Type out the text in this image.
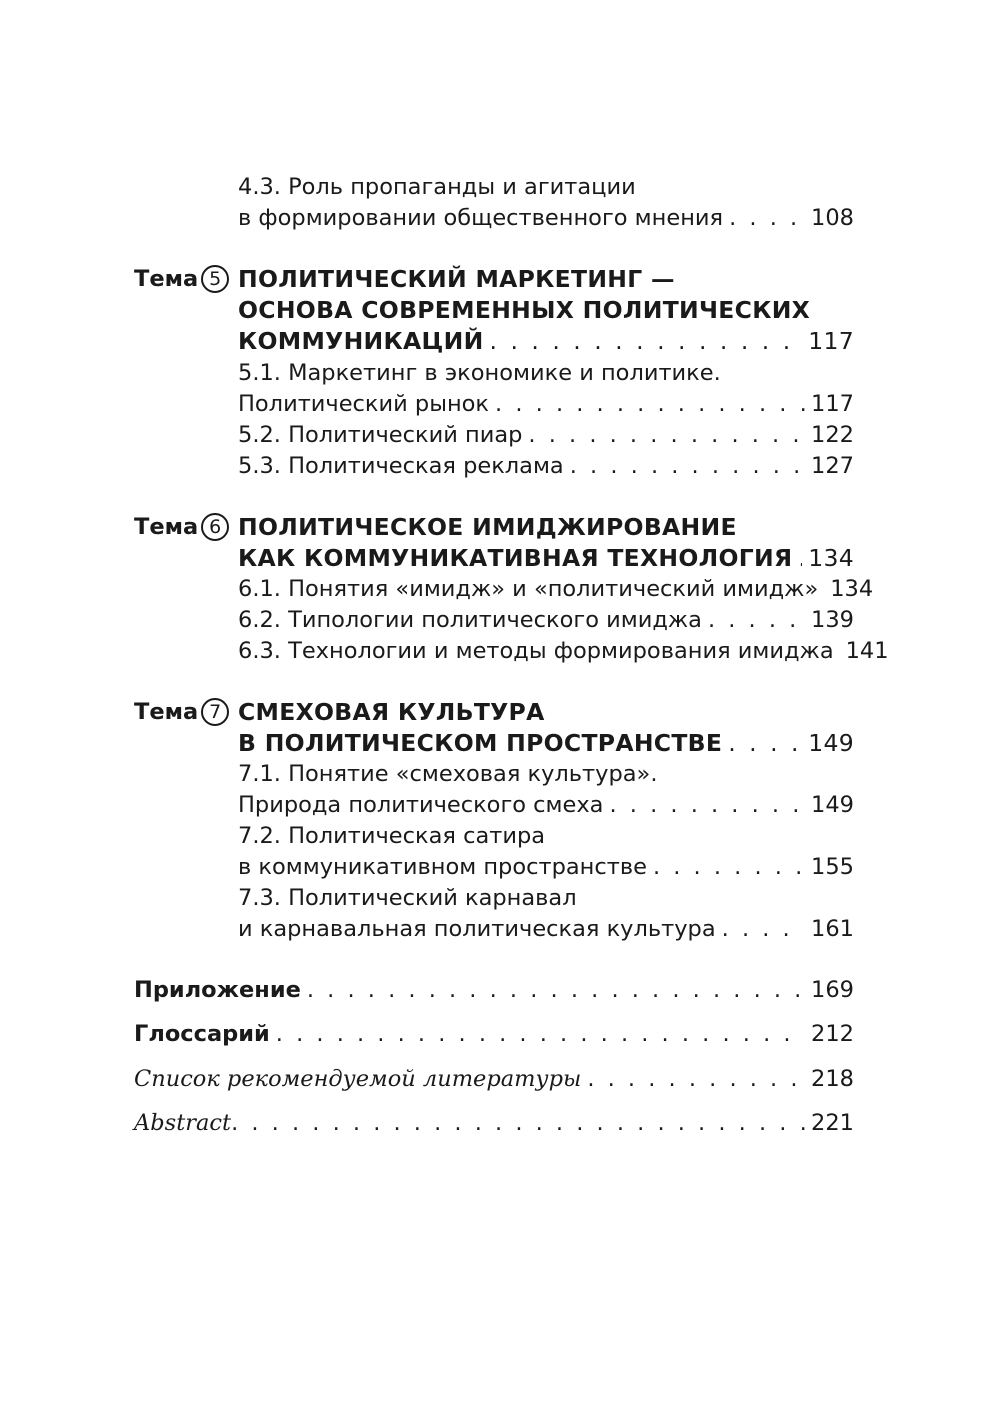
4.3. Роль пропаганды и агитации
в формировании общественного мнения . . .	108
Тема 5 ПОЛИТИЧЕСКИЙ МАРКЕТИНГ —
ОСНОВА СОВРЕМЕННЫХ ПОЛИТИЧЕСКИХ
КОММУНИКАЦИЙ . . .	117
5.1. Маркетинг в экономике и политике.
Политический рынок . . .	117
5.2. Политический пиар . . .	122
5.3. Политическая реклама . . .	127
Тема 6 ПОЛИТИЧЕСКОЕ ИМИДЖИРОВАНИЕ
КАК КОММУНИКАТИВНАЯ ТЕХНОЛОГИЯ . . . 134
6.1. Понятия «имидж» и «политический имидж» 134
6.2. Типологии политического имиджа . . .	139
6.3. Технологии и методы формирования имиджа 141
Тема 7 СМЕХОВАЯ КУЛЬТУРА
В ПОЛИТИЧЕСКОМ ПРОСТРАНСТВЕ . . .	149
7.1. Понятие «смеховая культура».
Природа политического смеха . . .	149
7.2. Политическая сатира
в коммуникативном пространстве . . .	155
7.3. Политический карнавал
и карнавальная политическая культура . . .	161
Приложение . . .	169
Глоссарий . . .	212
Список рекомендуемой литературы . . .	218
Abstract . . .	221
